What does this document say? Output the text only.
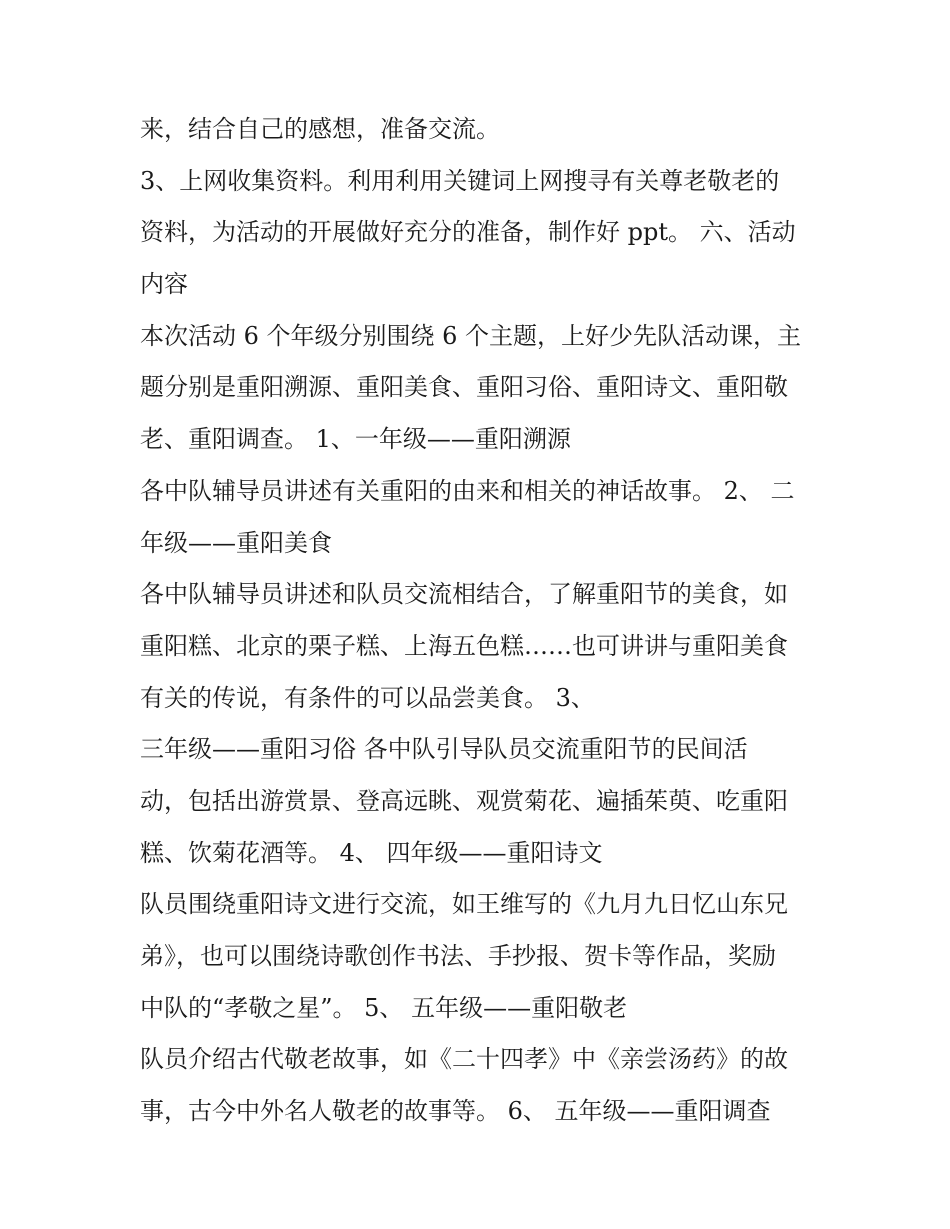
来，结合自己的感想，准备交流。
3、上网收集资料。利用利用关键词上网搜寻有关尊老敬老的
资料，为活动的开展做好充分的准备，制作好 ppt。 六、活动
内容
本次活动 6 个年级分别围绕 6 个主题，上好少先队活动课，主
题分别是重阳溯源、重阳美食、重阳习俗、重阳诗文、重阳敬
老、重阳调查。 1、一年级——重阳溯源
各中队辅导员讲述有关重阳的由来和相关的神话故事。 2、 二
年级——重阳美食
各中队辅导员讲述和队员交流相结合，了解重阳节的美食，如
重阳糕、北京的栗子糕、上海五色糕……也可讲讲与重阳美食
有关的传说，有条件的可以品尝美食。 3、
三年级——重阳习俗 各中队引导队员交流重阳节的民间活
动，包括出游赏景、登高远眺、观赏菊花、遍插茱萸、吃重阳
糕、饮菊花酒等。 4、 四年级——重阳诗文
队员围绕重阳诗文进行交流，如王维写的《九月九日忆山东兄
弟》，也可以围绕诗歌创作书法、手抄报、贺卡等作品，奖励
中队的“孝敬之星”。 5、 五年级——重阳敬老
队员介绍古代敬老故事，如《二十四孝》中《亲尝汤药》的故
事，古今中外名人敬老的故事等。 6、 五年级——重阳调查
